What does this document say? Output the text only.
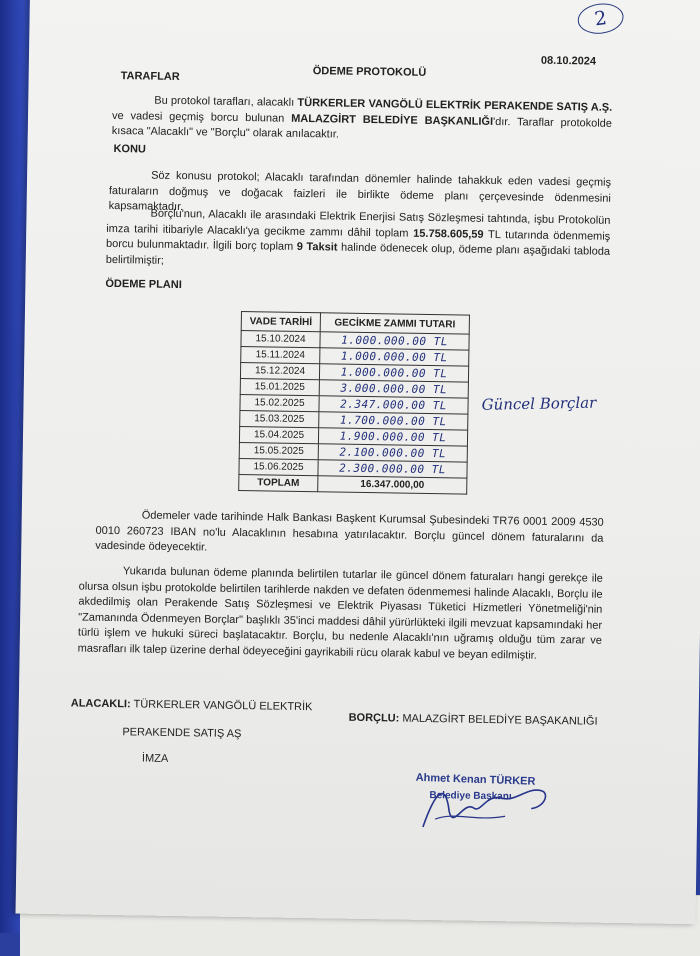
2
08.10.2024
ÖDEME PROTOKOLÜ
TARAFLAR

Bu protokol tarafları, alacaklı TÜRKERLER VANGÖLÜ ELEKTRİK PERAKENDE SATIŞ A.Ş. ve vadesi geçmiş borcu bulunan MALAZGİRT BELEDİYE BAŞKANLIĞI'dır. Taraflar protokolde kısaca "Alacaklı" ve "Borçlu" olarak anılacaktır.

KONU

Söz konusu protokol; Alacaklı tarafından dönemler halinde tahakkuk eden vadesi geçmiş faturaların doğmuş ve doğacak faizleri ile birlikte ödeme planı çerçevesinde ödenmesini kapsamaktadır.

Borçlu'nun, Alacaklı ile arasındaki Elektrik Enerjisi Satış Sözleşmesi tahtında, işbu Protokolün imza tarihi itibariyle Alacaklı'ya gecikme zammı dâhil toplam 15.758.605,59 TL tutarında ödenmemiş borcu bulunmaktadır. İlgili borç toplam 9 Taksit halinde ödenecek olup, ödeme planı aşağıdaki tabloda belirtilmiştir;

ÖDEME PLANI
VADE TARİHİ	GECİKME ZAMMI TUTARI
15.10.2024	1.000.000.00 TL
15.11.2024	1.000.000.00 TL
15.12.2024	1.000.000.00 TL
15.01.2025	3.000.000.00 TL
15.02.2025	2.347.000.00 TL
15.03.2025	1.700.000.00 TL
15.04.2025	1.900.000.00 TL
15.05.2025	2.100.000.00 TL
15.06.2025	2.300.000.00 TL
TOPLAM	16.347.000,00
Güncel Borçlar

Ödemeler vade tarihinde Halk Bankası Başkent Kurumsal Şubesindeki TR76 0001 2009 4530 0010 260723 IBAN no'lu Alacaklının hesabına yatırılacaktır. Borçlu güncel dönem faturalarını da vadesinde ödeyecektir.

Yukarıda bulunan ödeme planında belirtilen tutarlar ile güncel dönem faturaları hangi gerekçe ile olursa olsun işbu protokolde belirtilen tarihlerde nakden ve defaten ödenmemesi halinde Alacaklı, Borçlu ile akdedilmiş olan Perakende Satış Sözleşmesi ve Elektrik Piyasası Tüketici Hizmetleri Yönetmeliği'nin "Zamanında Ödenmeyen Borçlar" başlıklı 35'inci maddesi dâhil yürürlükteki ilgili mevzuat kapsamındaki her türlü işlem ve hukuki süreci başlatacaktır. Borçlu, bu nedenle Alacaklı'nın uğramış olduğu tüm zarar ve masrafları ilk talep üzerine derhal ödeyeceğini gayrikabili rücu olarak kabul ve beyan edilmiştir.

ALACAKLI: TÜRKERLER VANGÖLÜ ELEKTRİK
PERAKENDE SATIŞ AŞ
İMZA
BORÇLU: MALAZGİRT BELEDİYE BAŞAKANLIĞI
Ahmet Kenan TÜRKER
Belediye Başkanı
